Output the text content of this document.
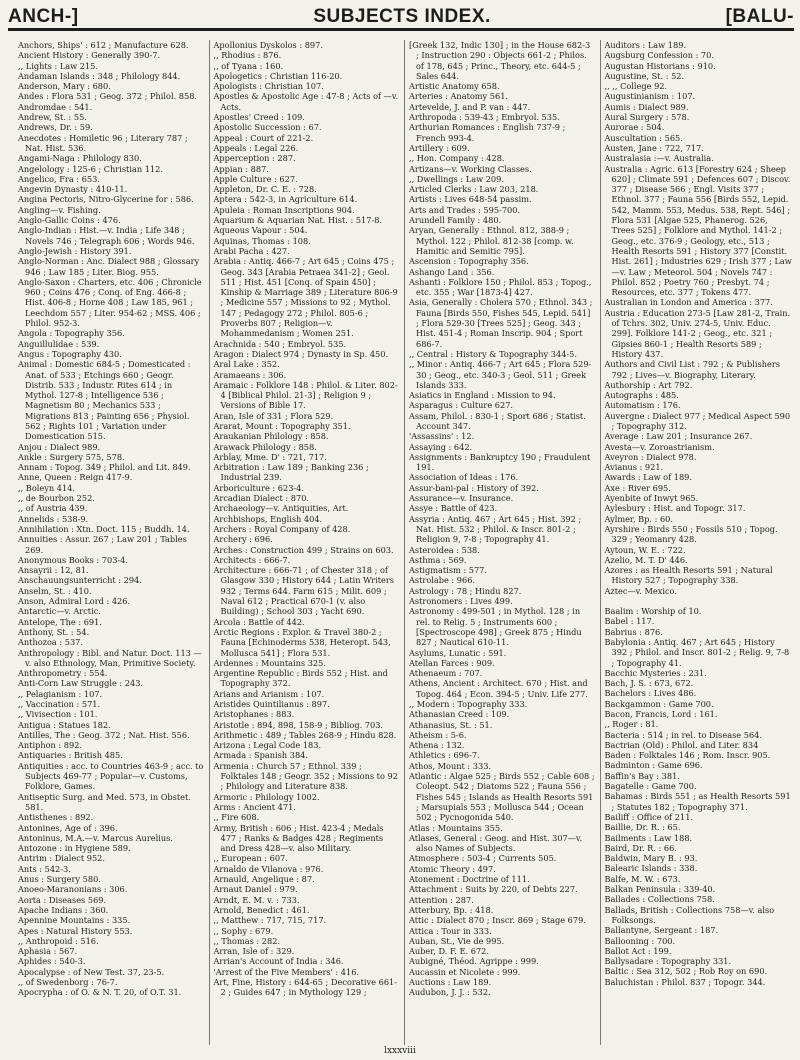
ANCH-]	SUBJECTS INDEX.	[BALU-

Anchors, Ships' : 612 ; Manufacture 628.

Ancient History : Generally 390-7.

,, Lights : Law 215.

Andaman Islands : 348 ; Philology 844.

Anderson, Mary : 680.

Andes : Flora 531 ; Geog. 372 ; Philol. 858.

Andromdae : 541.

Andrew, St. : 55.

Andrews, Dr. : 59.

Anecdotes : Homiletic 96 ; Literary 787 ; Nat. Hist. 536.

Angami-Naga : Philology 830.

Angelology : 125-6 ; Christian 112.

Angelico, Fra : 653.

Angevin Dynasty : 410-11.

Angina Pectoris, Nitro-Glycerine for : 586.

Angling—v. Fishing.

Anglo-Gallic Coins : 476.

Anglo-Indian : Hist.—v. India ; Life 348 ; Novels 746 ; Telegraph 606 ; Words 946.

Anglo-Jewish : History 391.

Anglo-Norman : Anc. Dialect 988 ; Glossary 946 ; Law 185 ; Liter. Biog. 955.

Anglo-Saxon : Charters, etc. 406 ; Chronicle 960 ; Coins 476 ; Conq. of Eng. 466-8 ; Hist. 406-8 ; Horne 408 ; Law 185, 961 ; Leechdom 557 ; Liter. 954-62 ; MSS. 406 ; Philol. 952-3.

Angola : Topography 356.

Anguillulidae : 539.

Angus : Topography 430.

Animal : Domestic 684-5 ; Domesticated : Anat. of 533 ; Etchings 660 ; Geogr. Distrib. 533 ; Industr. Rites 614 ; in Mythol. 127-8 ; Intelligence 536 ; Magnetism 80 ; Mechanics 533 ; Migrations 813 ; Painting 656 ; Physiol. 562 ; Rights 101 ; Variation under Domestication 515.

Anjou : Dialect 989.

Ankle : Surgery 575, 578.

Annam : Topog. 349 ; Philol. and Lit. 849.

Anne, Queen : Reign 417-9.

,, Boleyn 414.

,, de Bourbon 252.

,, of Austria 439.

Annelids : 538-9.

Annihilation : Xtn. Doct. 115 ; Buddh. 14.

Annuities : Assur. 267 ; Law 201 ; Tables 269.

Anonymous Books : 703-4.

Ansayrii : 12, 81.

Anschauungsunterricht : 294.

Anselm, St. : 410.

Anson, Admiral Lord : 426.

Antarctic—v. Arctic.

Antelope, The : 691.

Anthony, St. : 54.

Anthozoa : 537.

Anthropology : Bibl. and Natur. Doct. 113 —v. also Ethnology, Man, Primitive Society.

Anthropometry : 554.

Anti-Corn Law Struggle : 243.

,, Pelagianism : 107.

,, Vaccination : 571.

,, Vivisection : 101.

Antigua : Statues 182.

Antilles, The : Geog. 372 ; Nat. Hist. 556.

Antiphon : 892.

Antiquaries : British 485.

Antiquities : acc. to Countries 463-9 ; acc. to Subjects 469-77 ; Popular—v. Customs, Folklore, Games.

Antiseptic Surg. and Med. 573, in Obstet. 581.

Antisthenes : 892.

Antonines, Age of : 396.

Antoninus, M.A.—v. Marcus Aurelius.

Antozone : in Hygiene 589.

Antrim : Dialect 952.

Ants : 542-3.

Anus : Surgery 580.

Anoeo-Maranonians : 306.

Aorta : Diseases 569.

Apache Indians : 360.

Apennine Mountains : 335.

Apes : Natural History 553.

,, Anthropoid : 516.

Aphasia : 567.

Aphides : 540-3.

Apocalypse : of New Test. 37, 23-5.

,, of Swedenborg : 76-7.

Apocrypha : of O. & N. T. 20, of O.T. 31.

Apollonius Dyskolos : 897.

,, Rhodius : 876.

,, of Tyana : 160.

Apologetics : Christian 116-20.

Apologists : Christian 107.

Apostles & Apostolic Age : 47-8 ; Acts of —v. Acts.

Apostles' Creed : 109.

Apostolic Succession : 67.

Appeal : Court of 221-2.

Appeals : Legal 226.

Apperception : 287.

Appian : 887.

Apple Culture : 627.

Appleton, Dr. C. E. : 728.

Aptera : 542-3, in Agriculture 614.

Apuleia : Roman Inscriptions 904.

Aquarium & Aquarian Nat. Hist. : 517-8.

Aqueous Vapour : 504.

Aquinas, Thomas : 108.

Arabi Pacha : 427.

Arabia : Antiq. 466-7 ; Art 645 ; Coins 475 ; Geog. 343 [Arabia Petraea 341-2] ; Geol. 511 ; Hist. 451 [Conq. of Spain 450] ; Kinship & Marriage 389 ; Literature 806-9 ; Medicine 557 ; Missions to 92 ; Mythol. 147 ; Pedagogy 272 ; Philol. 805-6 ; Proverbs 807 ; Religion—v. Mohammedanism ; Women 251.

Arachnida : 540 ; Embryol. 535.

Aragon : Dialect 974 ; Dynasty in Sp. 450.

Aral Lake : 352.

Aramaeans : 306.

Aramaic : Folklore 148 : Philol. & Liter. 802-4 [Biblical Philol. 21-3] ; Religion 9 ; Versions of Bible 17.

Aran, Isle of 331 ; Flora 529.

Ararat, Mount : Topography 351.

Araukanian Philology : 858.

Arawack Philology : 858.

Arblay, Mme. D' : 721, 717.

Arbitration : Law 189 ; Banking 236 ; Industrial 239.

Arboriculture : 623-4.

Arcadian Dialect : 870.

Archaeology—v. Antiquities, Art.

Archbishops, English 404.

Archers : Royal Company of 428.

Archery : 696.

Arches : Construction 499 ; Strains on 603.

Architects : 666-7.

Architecture : 666-71 ; of Chester 318 ; of Glasgow 330 ; History 644 ; Latin Writers 932 ; Terms 644. Farm 615 ; Milit. 609 ; Naval 612 ; Practical 670-1 (v. also Building) ; School 303 ; Yacht 690.

Arcola : Battle of 442.

Arctic Regions : Explor. & Travel 380-2 ; Fauna [Echinoderms 538, Heteropt. 543, Mollusca 541] ; Flora 531.

Ardennes : Mountains 325.

Argentine Republic : Birds 552 ; Hist. and Topography 372.

Arians and Arianism : 107.

Aristides Quintilianus : 897.

Aristophanes : 883.

Aristotle : 894, 898, 158-9 ; Bibliog. 703.

Arithmetic : 489 ; Tables 268-9 ; Hindu 828.

Arizona : Legal Code 183.

Armada : Spanish 384.

Armenia : Church 57 ; Ethnol. 339 ; Folktales 148 ; Geogr. 352 ; Missions to 92 ; Philology and Literature 838.

Armoric : Philology 1002.

Arms : Ancient 471.

,, Fire 608.

Army, British : 606 ; Hist. 423-4 ; Medals 477 ; Ranks & Badges 428 ; Regiments and Dress 428—v. also Military.

,, European : 607.

Arnaldo de Vilanova : 976.

Arnauld, Angelique : 87.

Arnaut Daniel : 979.

Arndt, E. M. v. : 733.

Arnold, Benedict : 461.

,, Matthew : 717, 715, 717.

,, Sophy : 679.

,, Thomas : 282.

Arran, Isle of : 329.

Arrian's Account of India : 346.

'Arrest of the Five Members' : 416.

Art, Fine, History : 644-65 ; Decorative 661-2 ; Guides 647 ; in Mythology 129 ;

[Greek 132, Indic 130] ; in the House 682-3 ; Instruction 290 : Objects 661-2 ; Philos. of 178, 645 ; Princ., Theory, etc. 644-5 ; Sales 644.

Artistic Anatomy 658.

Arteries : Anatomy 561.

Artevelde, J. and P. van : 447.

Arthropoda : 539-43 ; Embryol. 535.

Arthurian Romances : English 737-9 ; French 993-4.

Artillery : 609.

,, Hon. Company : 428.

Artizans—v. Working Classes.

,, Dwellings : Law 209.

Articled Clerks : Law 203, 218.

Artists : Lives 648-54 passim.

Arts and Trades : 595-700.

Arundell Family : 480.

Aryan, Generally : Ethnol. 812, 388-9 ; Mythol. 122 ; Philol. 812-38 [comp. w. Hamitic and Semitic 795].

Ascension : Topography 356.

Ashango Land : 356.

Ashanti : Folklore 150 ; Philol. 853 ; Topog., etc. 355 ; War [1873-4] 427.

Asia, Generally : Cholera 570 ; Ethnol. 343 ; Fauna [Birds 550, Fishes 545, Lepid. 541] ; Flora 529-30 [Trees 525] ; Geog. 343 ; Hist. 451-4 ; Roman Inscrip. 904 ; Sport 686-7.

,, Central : History & Topography 344-5.

,, Minor : Antiq. 466-7 ; Art 645 ; Flora 529-30 ; Geog., etc. 340-3 ; Geol. 511 ; Greek Islands 333.

Asiatics in England : Mission to 94.

Asparagus : Culture 627.

Assam, Philol. : 830-1 ; Sport 686 ; Statist. Account 347.

'Assassins' : 12.

Assaying : 642.

Assignments : Bankruptcy 190 ; Fraudulent 191.

Association of Ideas : 176.

Assur-bani-pal : History of 392.

Assurance—v. Insurance.

Assye : Battle of 423.

Assyria : Antiq. 467 ; Art 645 ; Hist. 392 ; Nat. Hist. 532 ; Philol. & Inscr. 801-2 ; Religion 9, 7-8 ; Topography 41.

Asteroidea : 538.

Asthma : 569.

Astigmatism : 577.

Astrolabe : 966.

Astrology : 78 ; Hindu 827.

Astronomers : Lives 499.

Astronomy : 499-501 ; in Mythol. 128 ; in rel. to Relig. 5 ; Instruments 600 ; [Spectroscope 498] ; Greek 875 ; Hindu 827 ; Nautical 610-11.

Asylums, Lunatic : 591.

Atellan Farces : 909.

Athenaeum : 707.

Athens, Ancient : Architect. 670 ; Hist. and Topog. 464 ; Econ. 394-5 ; Univ. Life 277.

,, Modern : Topography 333.

Athanasian Creed : 109.

Athanasius, St. : 51.

Atheism : 5-6.

Athena : 132.

Athletics : 696-7.

Athos, Mount : 333.

Atlantic : Algae 525 ; Birds 552 ; Cable 608 ; Coleopt. 542 ; Diatoms 522 ; Fauna 556 ; Fishes 545 ; Islands as Health Resorts 591 ; Marsupials 553 ; Mollusca 544 ; Ocean 502 ; Pycnogonida 540.

Atlas : Mountains 355.

Atlases, General : Geog. and Hist. 307—v. also Names of Subjects.

Atmosphere : 503-4 ; Currents 505.

Atomic Theory : 497.

Atonement : Doctrine of 111.

Attachment : Suits by 220, of Debts 227.

Attention : 287.

Atterbury, Bp. : 418.

Attic : Dialect 870 ; Inscr. 869 ; Stage 679.

Attica : Tour in 333.

Auban, St., Vie de 995.

Auber, D. F. E. 672.

Aubigné, Théod. Agrippe : 999.

Aucassin et Nicolete : 999.

Auctions : Law 189.

Audubon, J. J. : 532.

Auditors : Law 189.

Augsburg Confession : 70.

Augustan Historians : 910.

Augustine, St. : 52.

,, ,, College 92.

Augustinianism : 107.

Aumis : Dialect 989.

Aural Surgery : 578.

Aurorae : 504.

Auscultation : 565.

Austen, Jane : 722, 717.

Australasia :—v. Australia.

Australia : Agric. 613 [Forestry 624 ; Sheep 620] ; Climate 591 ; Defences 607 ; Discov. 377 ; Disease 566 ; Engl. Visits 377 ; Ethnol. 377 ; Fauna 556 [Birds 552, Lepid. 542, Mamm. 553, Medus. 538, Rept. 546] ; Flora 531 [Algae 525, Phanerog. 526, Trees 525] ; Folklore and Mythol. 141-2 ; Geog., etc. 376-9 ; Geology, etc., 513 ; Health Resorts 591 ; History 377 [Constit. Hist. 261] ; Industries 629 ; Irish 377 ; Law—v. Law ; Meteorol. 504 ; Novels 747 : Philol. 852 ; Poetry 760 ; Presbyt. 74 ; Resources, etc. 377 ; Tokens 477.

Australian in London and America : 377.

Austria : Education 273-5 [Law 281-2, Train. of Tchrs. 302, Univ. 274-5, Univ. Educ. 299]. Folklore 141-2 ; Geog., etc. 321 ; Gipsies 860-1 ; Health Resorts 589 ; History 437.

Authors and Civil List : 792 ; & Publishers 792 ; Lives—v. Biography, Literary.

Authorship : Art 792.

Autographs : 485.

Automatism : 176.

Auvergne : Dialect 977 ; Medical Aspect 590 ; Topography 312.

Average : Law 201 ; Insurance 267.

Avesta—v. Zoroastrianism.

Aveyron : Dialect 978.

Avianus : 921.

Awards : Law of 189.

Axe : River 695.

Ayenbite of Inwyt 965.

Aylesbury : Hist. and Topogr. 317.

Aylmer, Bp. : 60.

Ayrshire : Birds 550 ; Fossils 510 ; Topog. 329 ; Yeomanry 428.

Aytoun, W. E. : 722.

Azelio, M. T. D' 446.

Azores : as Health Resorts 591 ; Natural History 527 ; Topography 338.

Aztec—v. Mexico.

Baalim : Worship of 10.

Babel : 117.

Babrius : 876.

Babylonia : Antiq. 467 ; Art 645 ; History 392 ; Philol. and Inscr. 801-2 ; Relig. 9, 7-8 ; Topography 41.

Bacchic Mysteries : 231.

Bach, J. S. : 673, 672.

Bachelors : Lives 486.

Backgammon : Game 700.

Bacon, Francis, Lord : 161.

,, Roger : 81.

Bacteria : 514 ; in rel. to Disease 564.

Bactrian (Old) : Philol. and Liter. 834

Baden : Folktales 146 ; Rom. Inscr. 905.

Badminton : Game 696.

Baffin's Bay : 381.

Bagatelle : Game 700.

Bahamas : Birds 551 ; as Health Resorts 591 ; Statutes 182 ; Topography 371.

Bailiff : Office of 211.

Baillie, Dr. R. : 65.

Bailments : Law 188.

Baird, Dr. R. : 66.

Baldwin, Mary B. : 93.

Balearic Islands : 338.

Balfe, M. W. : 673.

Balkan Peninsula : 339-40.

Ballades : Collections 758.

Ballads, British : Collections 758—v. also Folksongs.

Ballantyne, Sergeant : 187.

Ballooning : 700.

Ballot Act : 199.

Ballysadare : Topography 331.

Baltic : Sea 312, 502 ; Rob Roy on 690.

Baluchistan : Philol. 837 ; Topogr. 344.

lxxxviii
